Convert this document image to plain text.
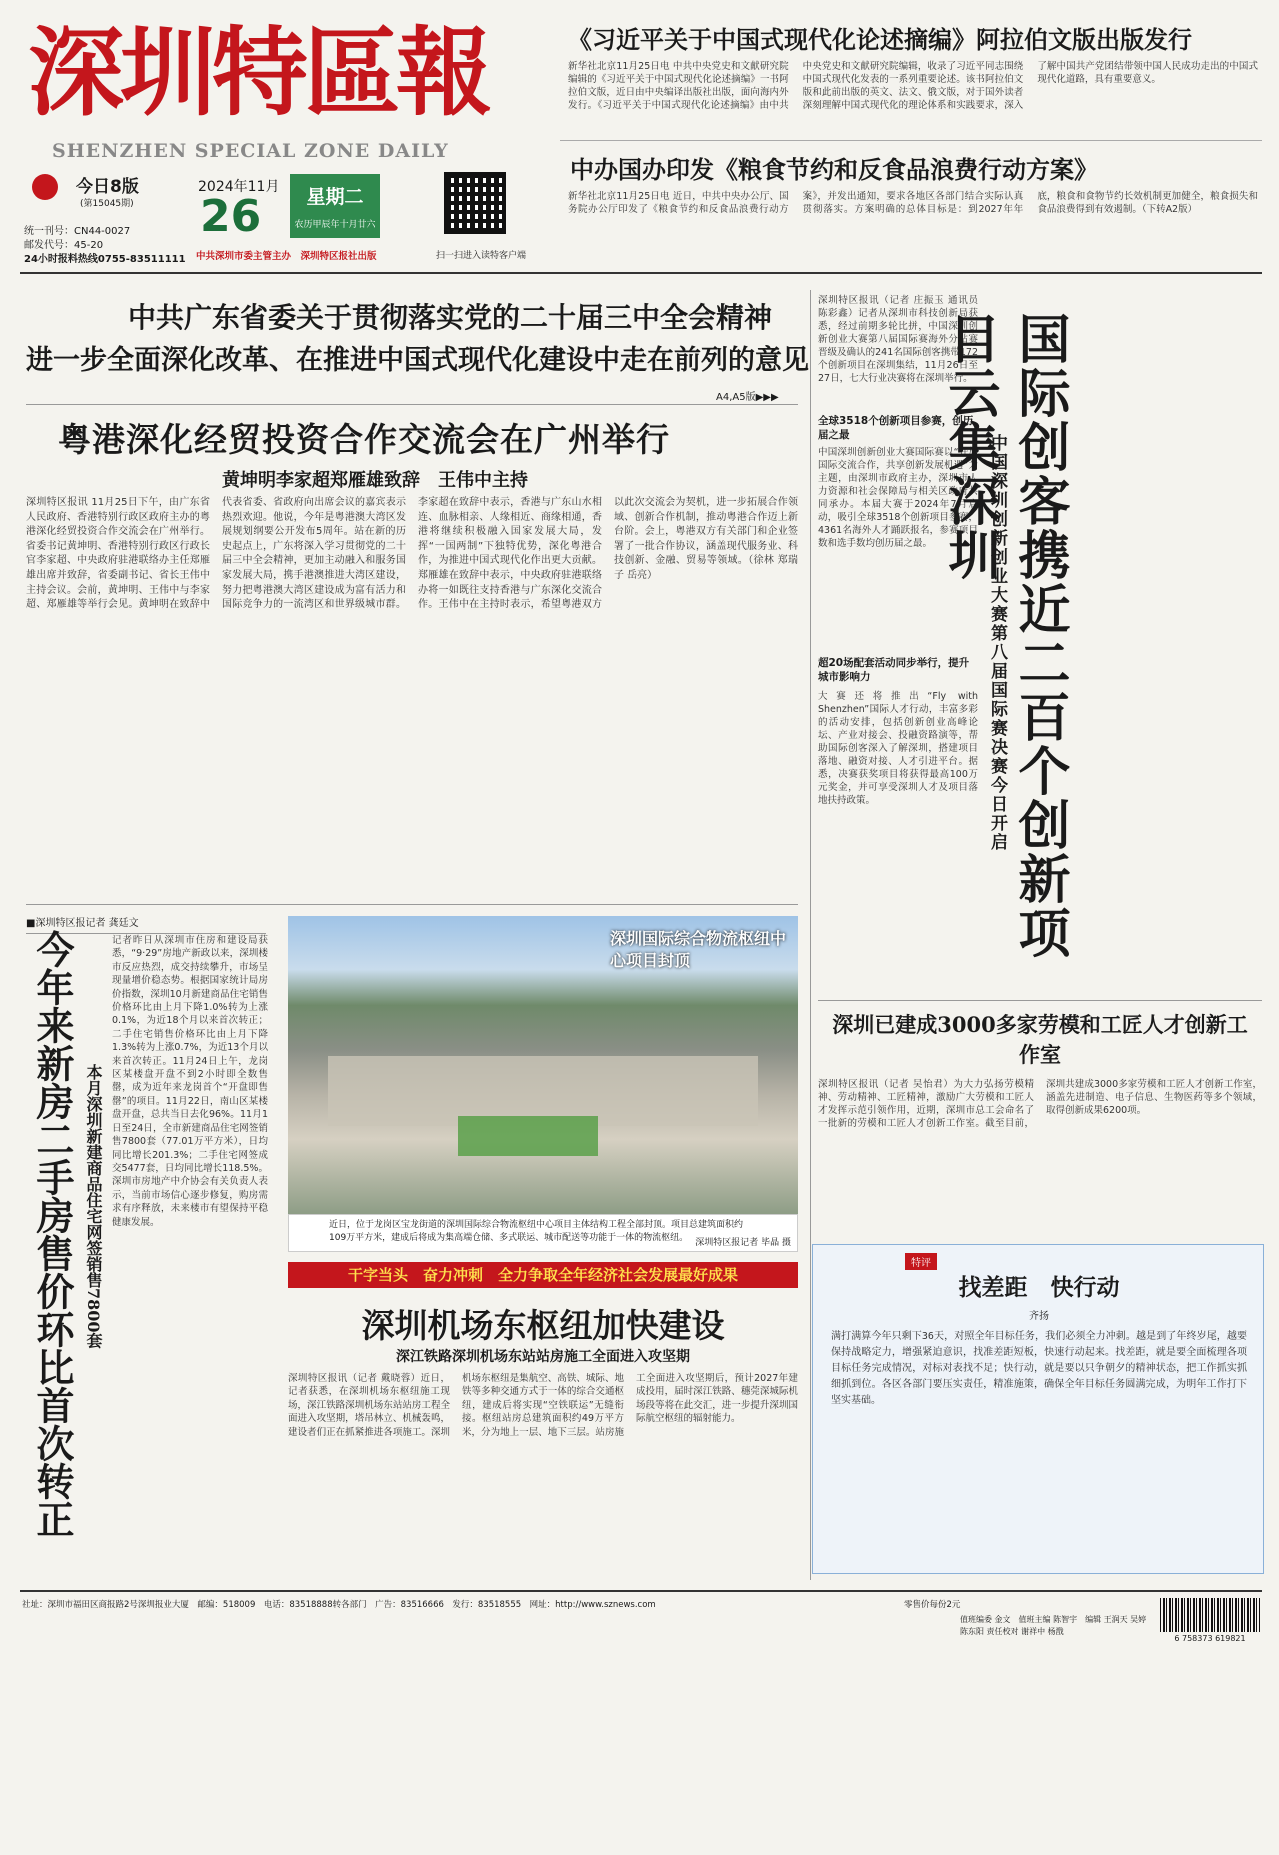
深圳特區報
SHENZHEN SPECIAL ZONE DAILY
今日8版
(第15045期)
统一刊号：CN44-0027
邮发代号：45-20
24小时报料热线0755-83511111
2024年11月
26	星期二
农历甲辰年十月廿六
中共深圳市委主管主办　深圳特区报社出版	扫一扫进入读特客户端
《习近平关于中国式现代化论述摘编》阿拉伯文版出版发行
新华社北京11月25日电 中共中央党史和文献研究院编辑的《习近平关于中国式现代化论述摘编》一书阿拉伯文版，近日由中央编译出版社出版，面向海内外发行。《习近平关于中国式现代化论述摘编》由中共中央党史和文献研究院编辑，收录了习近平同志围绕中国式现代化发表的一系列重要论述。该书阿拉伯文版和此前出版的英文、法文、俄文版，对于国外读者深刻理解中国式现代化的理论体系和实践要求，深入了解中国共产党团结带领中国人民成功走出的中国式现代化道路，具有重要意义。
中办国办印发《粮食节约和反食品浪费行动方案》
新华社北京11月25日电 近日，中共中央办公厅、国务院办公厅印发了《粮食节约和反食品浪费行动方案》，并发出通知，要求各地区各部门结合实际认真贯彻落实。方案明确的总体目标是：到2027年年底，粮食和食物节约长效机制更加健全，粮食损失和食品浪费得到有效遏制。（下转A2版）
中共广东省委关于贯彻落实党的二十届三中全会精神
进一步全面深化改革、在推进中国式现代化建设中走在前列的意见
A4,A5版▶▶▶
粤港深化经贸投资合作交流会在广州举行
黄坤明李家超郑雁雄致辞　王伟中主持
深圳特区报讯 11月25日下午，由广东省人民政府、香港特别行政区政府主办的粤港深化经贸投资合作交流会在广州举行。省委书记黄坤明、香港特别行政区行政长官李家超、中央政府驻港联络办主任郑雁雄出席并致辞，省委副书记、省长王伟中主持会议。会前，黄坤明、王伟中与李家超、郑雁雄等举行会见。黄坤明在致辞中代表省委、省政府向出席会议的嘉宾表示热烈欢迎。他说，今年是粤港澳大湾区发展规划纲要公开发布5周年。站在新的历史起点上，广东将深入学习贯彻党的二十届三中全会精神，更加主动融入和服务国家发展大局，携手港澳推进大湾区建设，努力把粤港澳大湾区建设成为富有活力和国际竞争力的一流湾区和世界级城市群。李家超在致辞中表示，香港与广东山水相连、血脉相亲、人缘相近、商缘相通，香港将继续积极融入国家发展大局，发挥“一国两制”下独特优势，深化粤港合作，为推进中国式现代化作出更大贡献。郑雁雄在致辞中表示，中央政府驻港联络办将一如既往支持香港与广东深化交流合作。王伟中在主持时表示，希望粤港双方以此次交流会为契机，进一步拓展合作领域、创新合作机制，推动粤港合作迈上新台阶。会上，粤港双方有关部门和企业签署了一批合作协议，涵盖现代服务业、科技创新、金融、贸易等领域。（徐林 郑瑞子 岳亮）
深圳特区报讯（记者 庄振玉 通讯员 陈彩鑫）记者从深圳市科技创新局获悉，经过前期多轮比拼，中国深圳创新创业大赛第八届国际赛海外分站赛晋级及确认的241名国际创客携带172个创新项目在深圳集结，11月26日至27日，七大行业决赛将在深圳举行。
全球3518个创新项目参赛，创历届之最
中国深圳创新创业大赛国际赛以“开放国际交流合作，共享创新发展机遇”为主题，由深圳市政府主办，深圳市人力资源和社会保障局与相关区政府共同承办。本届大赛于2024年7月启动，吸引全球3518个创新项目参赛，4361名海外人才踊跃报名，参赛项目数和选手数均创历届之最。
超20场配套活动同步举行，提升城市影响力
大赛还将推出“Fly with Shenzhen”国际人才行动，丰富多彩的活动安排，包括创新创业高峰论坛、产业对接会、投融资路演等，帮助国际创客深入了解深圳，搭建项目落地、融资对接、人才引进平台。据悉，决赛获奖项目将获得最高100万元奖金，并可享受深圳人才及项目落地扶持政策。	国际创客携近二百个创新项目云集深圳
中国深圳创新创业大赛第八届国际赛决赛今日开启
深圳已建成3000多家劳模和工匠人才创新工作室
深圳特区报讯（记者 吴怡君）为大力弘扬劳模精神、劳动精神、工匠精神，激励广大劳模和工匠人才发挥示范引领作用，近期，深圳市总工会命名了一批新的劳模和工匠人才创新工作室。截至目前，深圳共建成3000多家劳模和工匠人才创新工作室，涵盖先进制造、电子信息、生物医药等多个领域，取得创新成果6200项。
特评
找差距　快行动
齐扬
满打满算今年只剩下36天，对照全年目标任务，我们必须全力冲刺。越是到了年终岁尾，越要保持战略定力，增强紧迫意识，找准差距短板，快速行动起来。找差距，就是要全面梳理各项目标任务完成情况，对标对表找不足；快行动，就是要以只争朝夕的精神状态，把工作抓实抓细抓到位。各区各部门要压实责任，精准施策，确保全年目标任务圆满完成，为明年工作打下坚实基础。
■深圳特区报记者 龚廷文
今年来新房二手房售价环比首次转正 本月深圳新建商品住宅网签销售7800套
记者昨日从深圳市住房和建设局获悉，“9·29”房地产新政以来，深圳楼市反应热烈，成交持续攀升，市场呈现量增价稳态势。根据国家统计局房价指数，深圳10月新建商品住宅销售价格环比由上月下降1.0%转为上涨0.1%，为近18个月以来首次转正；二手住宅销售价格环比由上月下降1.3%转为上涨0.7%，为近13个月以来首次转正。11月24日上午，龙岗区某楼盘开盘不到2小时即全数售罄，成为近年来龙岗首个“开盘即售罄”的项目。11月22日，南山区某楼盘开盘，总共当日去化96%。11月1日至24日，全市新建商品住宅网签销售7800套（77.01万平方米），日均同比增长201.3%；二手住宅网签成交5477套，日均同比增长118.5%。深圳市房地产中介协会有关负责人表示，当前市场信心逐步修复，购房需求有序释放，未来楼市有望保持平稳健康发展。
深圳国际综合物流枢纽中心项目封顶
近日，位于龙岗区宝龙街道的深圳国际综合物流枢纽中心项目主体结构工程全部封顶。项目总建筑面积约109万平方米，建成后将成为集高端仓储、多式联运、城市配送等功能于一体的物流枢纽。 深圳特区报记者 毕晶 摄
干字当头　奋力冲刺　全力争取全年经济社会发展最好成果
深圳机场东枢纽加快建设
深江铁路深圳机场东站站房施工全面进入攻坚期
深圳特区报讯（记者 戴晓蓉）近日，记者获悉，在深圳机场东枢纽施工现场，深江铁路深圳机场东站站房工程全面进入攻坚期，塔吊林立、机械轰鸣，建设者们正在抓紧推进各项施工。深圳机场东枢纽是集航空、高铁、城际、地铁等多种交通方式于一体的综合交通枢纽，建成后将实现“空铁联运”无缝衔接。枢纽站房总建筑面积约49万平方米，分为地上一层、地下三层。站房施工全面进入攻坚期后，预计2027年建成投用，届时深江铁路、穗莞深城际机场段等将在此交汇，进一步提升深圳国际航空枢纽的辐射能力。
社址：深圳市福田区商报路2号深圳报业大厦　邮编：518009　电话：83518888转各部门　广告：83516666　发行：83518555　网址：http://www.sznews.com	零售价每份2元
值班编委 金文　值班主编 陈智宇　编辑 王润天 吴婷 陈东阳 责任校对 谢祥中 杨戬
6 758373 619821
